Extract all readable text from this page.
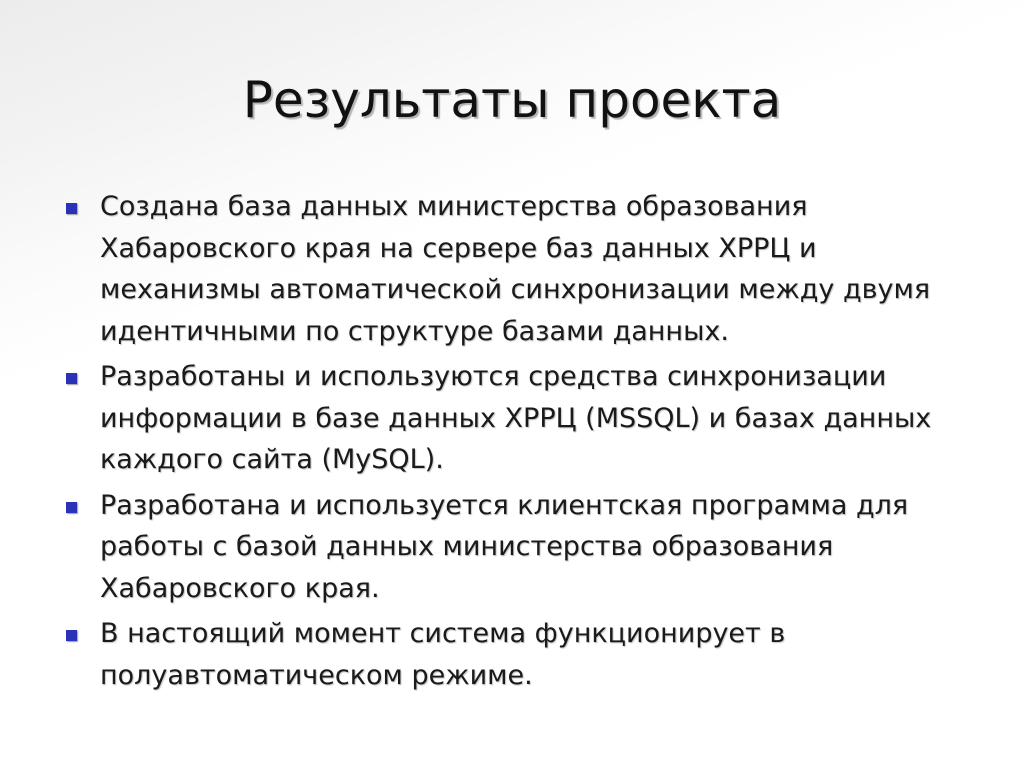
Результаты проекта
Создана база данных министерства образования Хабаровского края на сервере баз данных ХРРЦ и механизмы автоматической синхронизации между двумя идентичными по структуре базами данных.
Разработаны и используются средства синхронизации информации в базе данных ХРРЦ (MSSQL) и базах данных каждого сайта (MySQL).
Разработана и используется клиентская программа для работы с базой данных министерства образования Хабаровского края.
В настоящий момент система функционирует в полуавтоматическом режиме.
